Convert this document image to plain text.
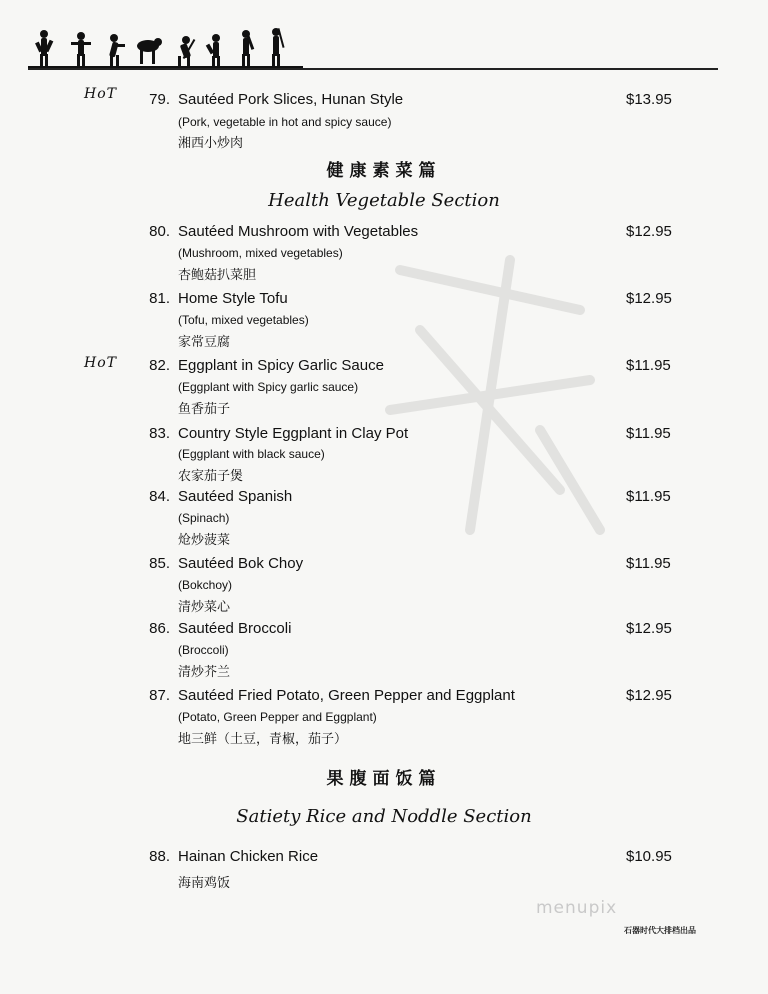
HoT
HoT
79. Sautéed Pork Slices, Hunan Style
(Pork, vegetable in hot and spicy sauce)
湘西小炒肉
$13.95
健康素菜篇
Health Vegetable Section
80. Sautéed Mushroom with Vegetables
(Mushroom, mixed vegetables)
杏鲍菇扒菜胆
$12.95
81. Home Style Tofu
(Tofu, mixed vegetables)
家常豆腐
$12.95
82. Eggplant in Spicy Garlic Sauce
(Eggplant with Spicy garlic sauce)
鱼香茄子
$11.95
83. Country Style Eggplant in Clay Pot
(Eggplant with black sauce)
农家茄子煲
$11.95
84. Sautéed Spanish
(Spinach)
炝炒菠菜
$11.95
85. Sautéed Bok Choy
(Bokchoy)
清炒菜心
$11.95
86. Sautéed Broccoli
(Broccoli)
清炒芥兰
$12.95
87. Sautéed Fried Potato, Green Pepper and Eggplant
(Potato, Green Pepper and Eggplant)
地三鲜（土豆，青椒，茄子）
$12.95
果腹面饭篇
Satiety Rice and Noddle Section
88. Hainan Chicken Rice
海南鸡饭
$10.95
menupix
石器时代大排档出品
